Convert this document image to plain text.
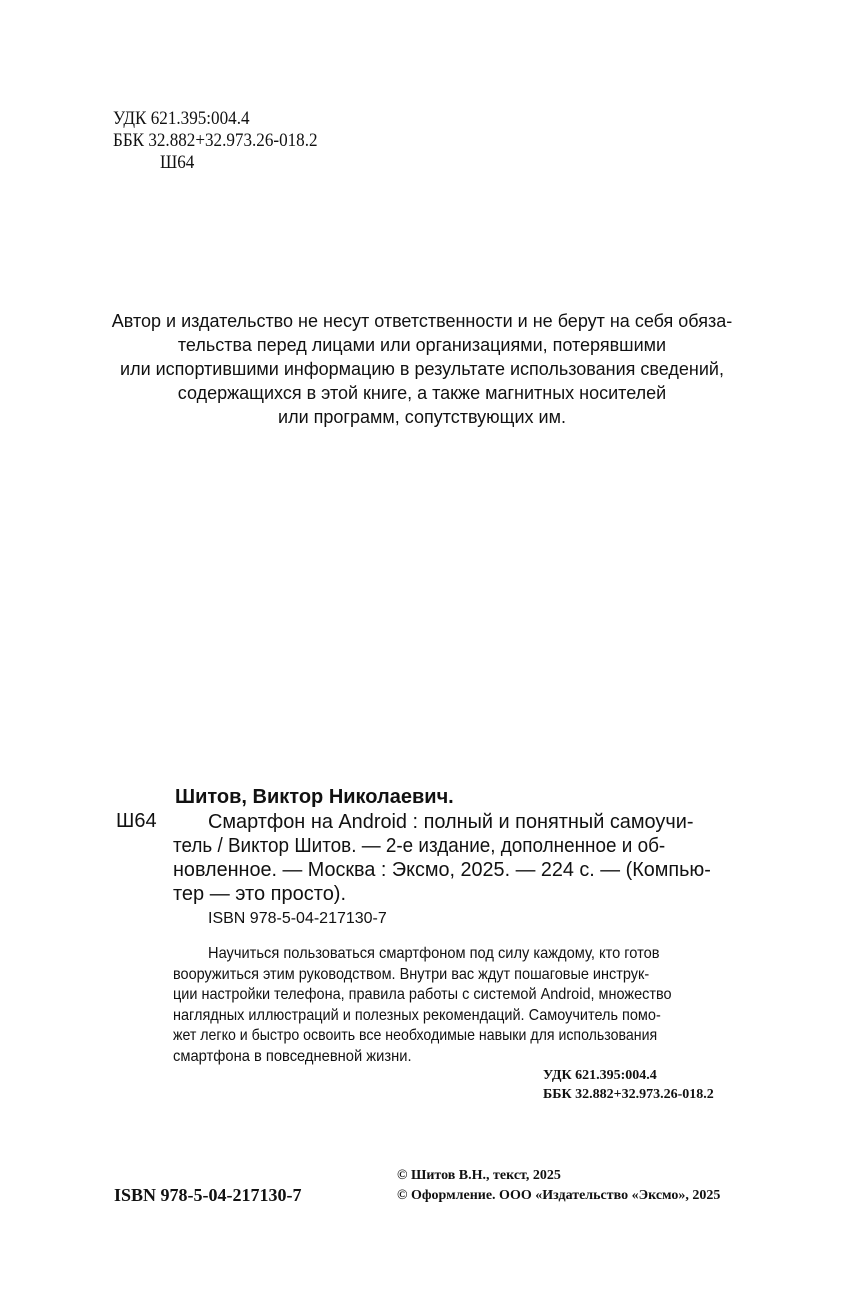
УДК 621.395:004.4
ББК 32.882+32.973.26-018.2
Ш64
Автор и издательство не несут ответственности и не берут на себя обяза-
тельства перед лицами или организациями, потерявшими
или испортившими информацию в результате использования сведений,
содержащихся в этой книге, а также магнитных носителей
или программ, сопутствующих им.
Шитов, Виктор Николаевич.
Ш64	Смартфон на Android : полный и понятный самоучи-
тель / Виктор Шитов. — 2-е издание, дополненное и об-
новленное. — Москва : Эксмо, 2025. — 224 с. — (Компью-
тер — это просто).
ISBN 978-5-04-217130-7
Научиться пользоваться смартфоном под силу каждому, кто готов
вооружиться этим руководством. Внутри вас ждут пошаговые инструк-
ции настройки телефона, правила работы с системой Android, множество
наглядных иллюстраций и полезных рекомендаций. Самоучитель помо-
жет легко и быстро освоить все необходимые навыки для использования
смартфона в повседневной жизни.
УДК 621.395:004.4
ББК 32.882+32.973.26-018.2
ISBN 978-5-04-217130-7
© Шитов В.Н., текст, 2025
© Оформление. ООО «Издательство «Эксмо», 2025
